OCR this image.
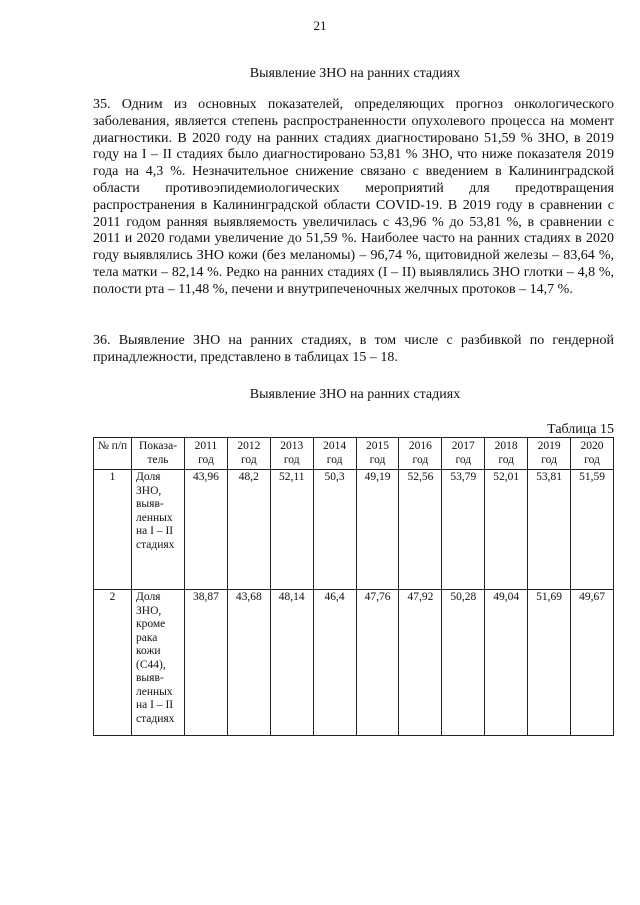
21
Выявление ЗНО на ранних стадиях
35. Одним из основных показателей, определяющих прогноз онкологического заболевания, является степень распространенности опухолевого процесса на момент диагностики. В 2020 году на ранних стадиях диагностировано 51,59 % ЗНО, в 2019 году на I – II стадиях было диагностировано 53,81 % ЗНО, что ниже показателя 2019 года на 4,3 %. Незначительное снижение связано с введением в Калининградской области противоэпидемиологических мероприятий для предотвращения распространения в Калининградской области COVID-19. В 2019 году в сравнении с 2011 годом ранняя выявляемость увеличилась с 43,96 % до 53,81 %, в сравнении с 2011 и 2020 годами увеличение до 51,59 %. Наиболее часто на ранних стадиях в 2020 году выявлялись ЗНО кожи (без меланомы) – 96,74 %, щитовидной железы – 83,64 %, тела матки – 82,14 %. Редко на ранних стадиях (I – II) выявлялись ЗНО глотки – 4,8 %, полости рта – 11,48 %, печени и внутрипеченочных желчных протоков – 14,7 %.
36. Выявление ЗНО на ранних стадиях, в том числе с разбивкой по гендерной принадлежности, представлено в таблицах 15 – 18.
Выявление ЗНО на ранних стадиях
Таблица 15
№ п/п	Показа-тель	2011 год	2012 год	2013 год	2014 год	2015 год	2016 год	2017 год	2018 год	2019 год	2020 год
1	Доля ЗНО, выяв-ленных на I – II стадиях	43,96	48,2	52,11	50,3	49,19	52,56	53,79	52,01	53,81	51,59
2	Доля ЗНО, кроме рака кожи (С44), выяв-ленных на I – II стадиях	38,87	43,68	48,14	46,4	47,76	47,92	50,28	49,04	51,69	49,67
